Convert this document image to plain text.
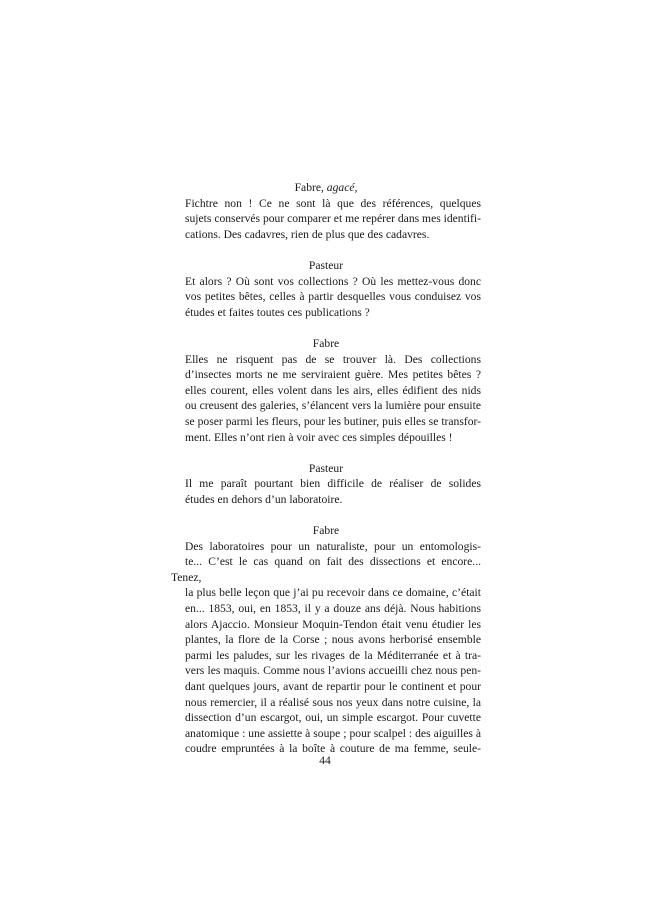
Fabre, agacé,

Fichtre non ! Ce ne sont là que des références, quelques
sujets conservés pour comparer et me repérer dans mes identifi-
cations. Des cadavres, rien de plus que des cadavres.

Pasteur

Et alors ? Où sont vos collections ? Où les mettez-vous donc
vos petites bêtes, celles à partir desquelles vous conduisez vos
études et faites toutes ces publications ?

Fabre

Elles ne risquent pas de se trouver là. Des collections
d’insectes morts ne me serviraient guère. Mes petites bêtes ?
elles courent, elles volent dans les airs, elles édifient des nids
ou creusent des galeries, s’élancent vers la lumière pour ensuite
se poser parmi les fleurs, pour les butiner, puis elles se transfor-
ment. Elles n’ont rien à voir avec ces simples dépouilles !

Pasteur

Il me paraît pourtant bien difficile de réaliser de solides
études en dehors d’un laboratoire.

Fabre

Des laboratoires pour un naturaliste, pour un entomologis-
te... C’est le cas quand on fait des dissections et encore... Tenez,
la plus belle leçon que j’ai pu recevoir dans ce domaine, c’était
en... 1853, oui, en 1853, il y a douze ans déjà. Nous habitions
alors Ajaccio. Monsieur Moquin-Tendon était venu étudier les
plantes, la flore de la Corse ; nous avons herborisé ensemble
parmi les paludes, sur les rivages de la Méditerranée et à tra-
vers les maquis. Comme nous l’avions accueilli chez nous pen-
dant quelques jours, avant de repartir pour le continent et pour
nous remercier, il a réalisé sous nos yeux dans notre cuisine, la
dissection d’un escargot, oui, un simple escargot. Pour cuvette
anatomique : une assiette à soupe ; pour scalpel : des aiguilles à
coudre empruntées à la boîte à couture de ma femme, seule-

44
